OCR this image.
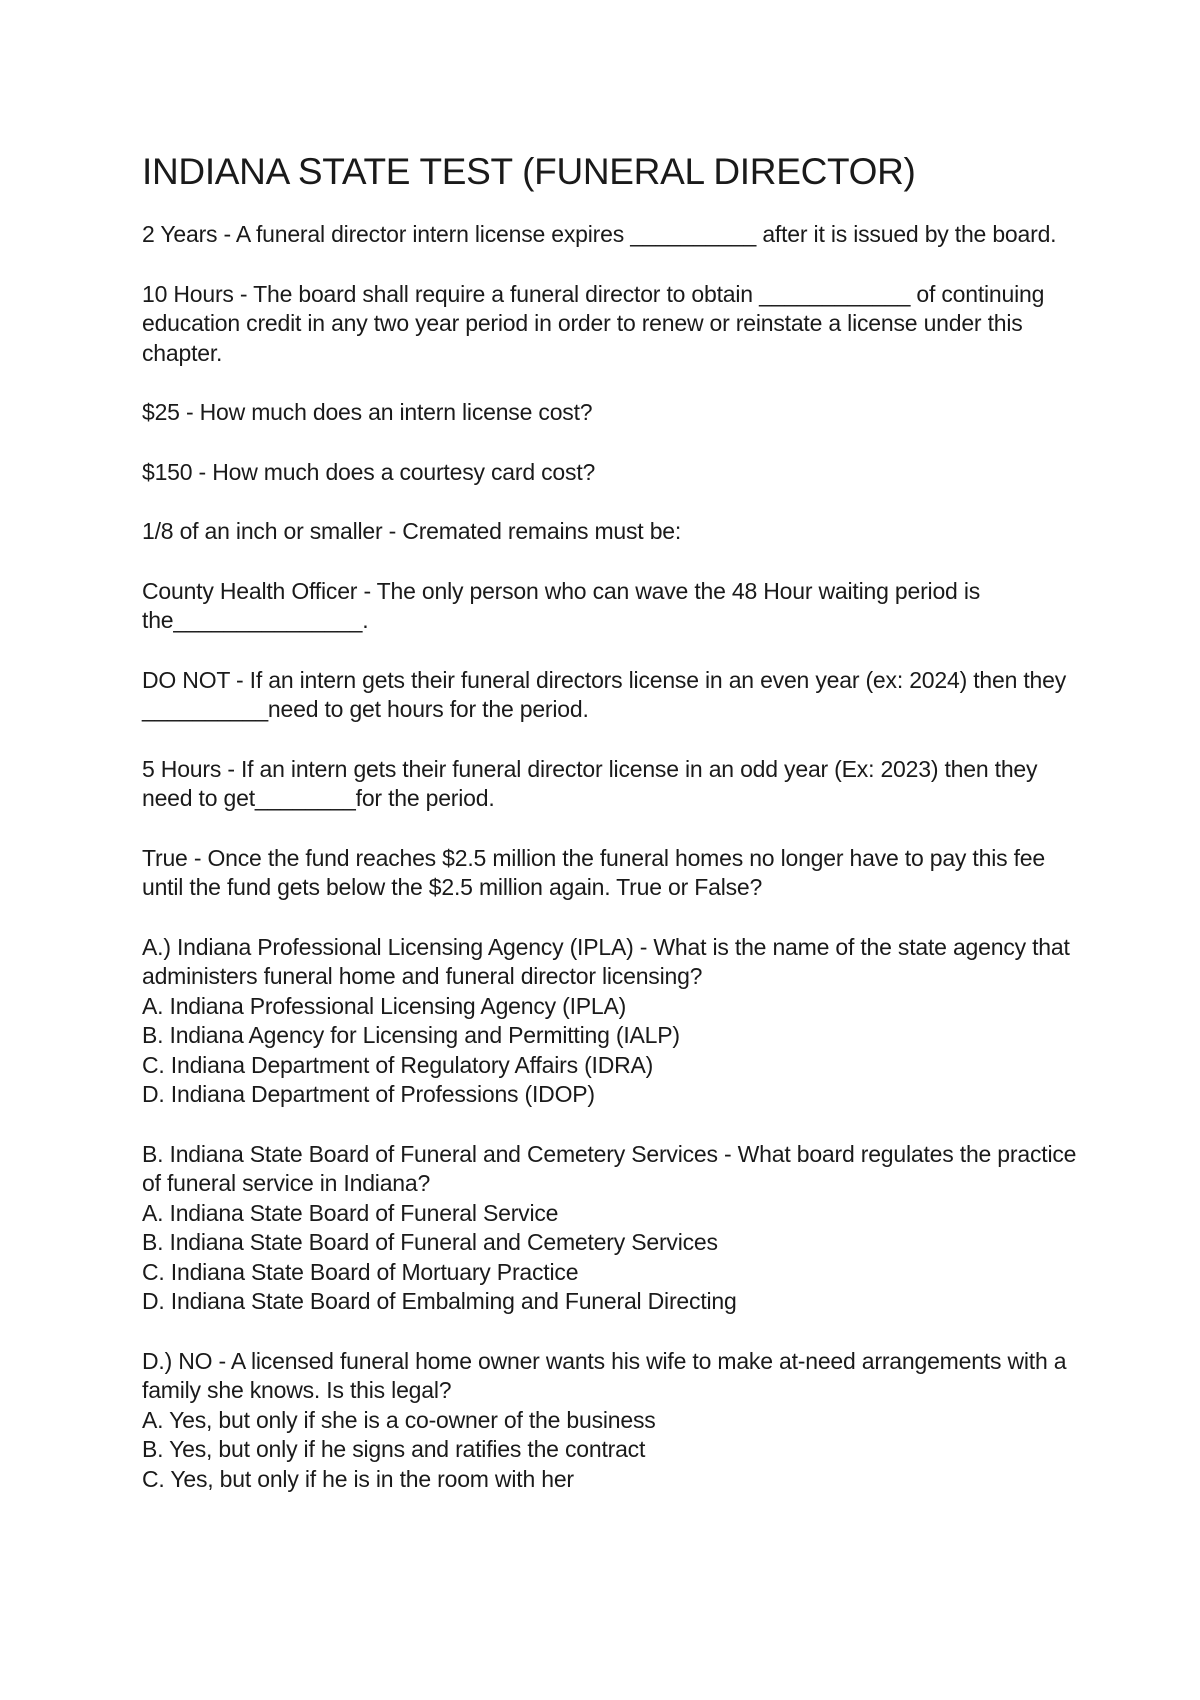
INDIANA STATE TEST (FUNERAL DIRECTOR)

2 Years - A funeral director intern license expires __________ after it is issued by the board.

10 Hours - The board shall require a funeral director to obtain ____________ of continuing education credit in any two year period in order to renew or reinstate a license under this chapter.

$25 - How much does an intern license cost?

$150 - How much does a courtesy card cost?

1/8 of an inch or smaller - Cremated remains must be:

County Health Officer - The only person who can wave the 48 Hour waiting period is the_______________.

DO NOT - If an intern gets their funeral directors license in an even year (ex: 2024) then they __________need to get hours for the period.

5 Hours - If an intern gets their funeral director license in an odd year (Ex: 2023) then they need to get________for the period.

True - Once the fund reaches $2.5 million the funeral homes no longer have to pay this fee until the fund gets below the $2.5 million again. True or False?

A.) Indiana Professional Licensing Agency (IPLA) - What is the name of the state agency that administers funeral home and funeral director licensing?
A. Indiana Professional Licensing Agency (IPLA)
B. Indiana Agency for Licensing and Permitting (IALP)
C. Indiana Department of Regulatory Affairs (IDRA)
D. Indiana Department of Professions (IDOP)
B. Indiana State Board of Funeral and Cemetery Services - What board regulates the practice of funeral service in Indiana?
A. Indiana State Board of Funeral Service
B. Indiana State Board of Funeral and Cemetery Services
C. Indiana State Board of Mortuary Practice
D. Indiana State Board of Embalming and Funeral Directing
D.) NO - A licensed funeral home owner wants his wife to make at-need arrangements with a family she knows. Is this legal?
A. Yes, but only if she is a co-owner of the business
B. Yes, but only if he signs and ratifies the contract
C. Yes, but only if he is in the room with her
